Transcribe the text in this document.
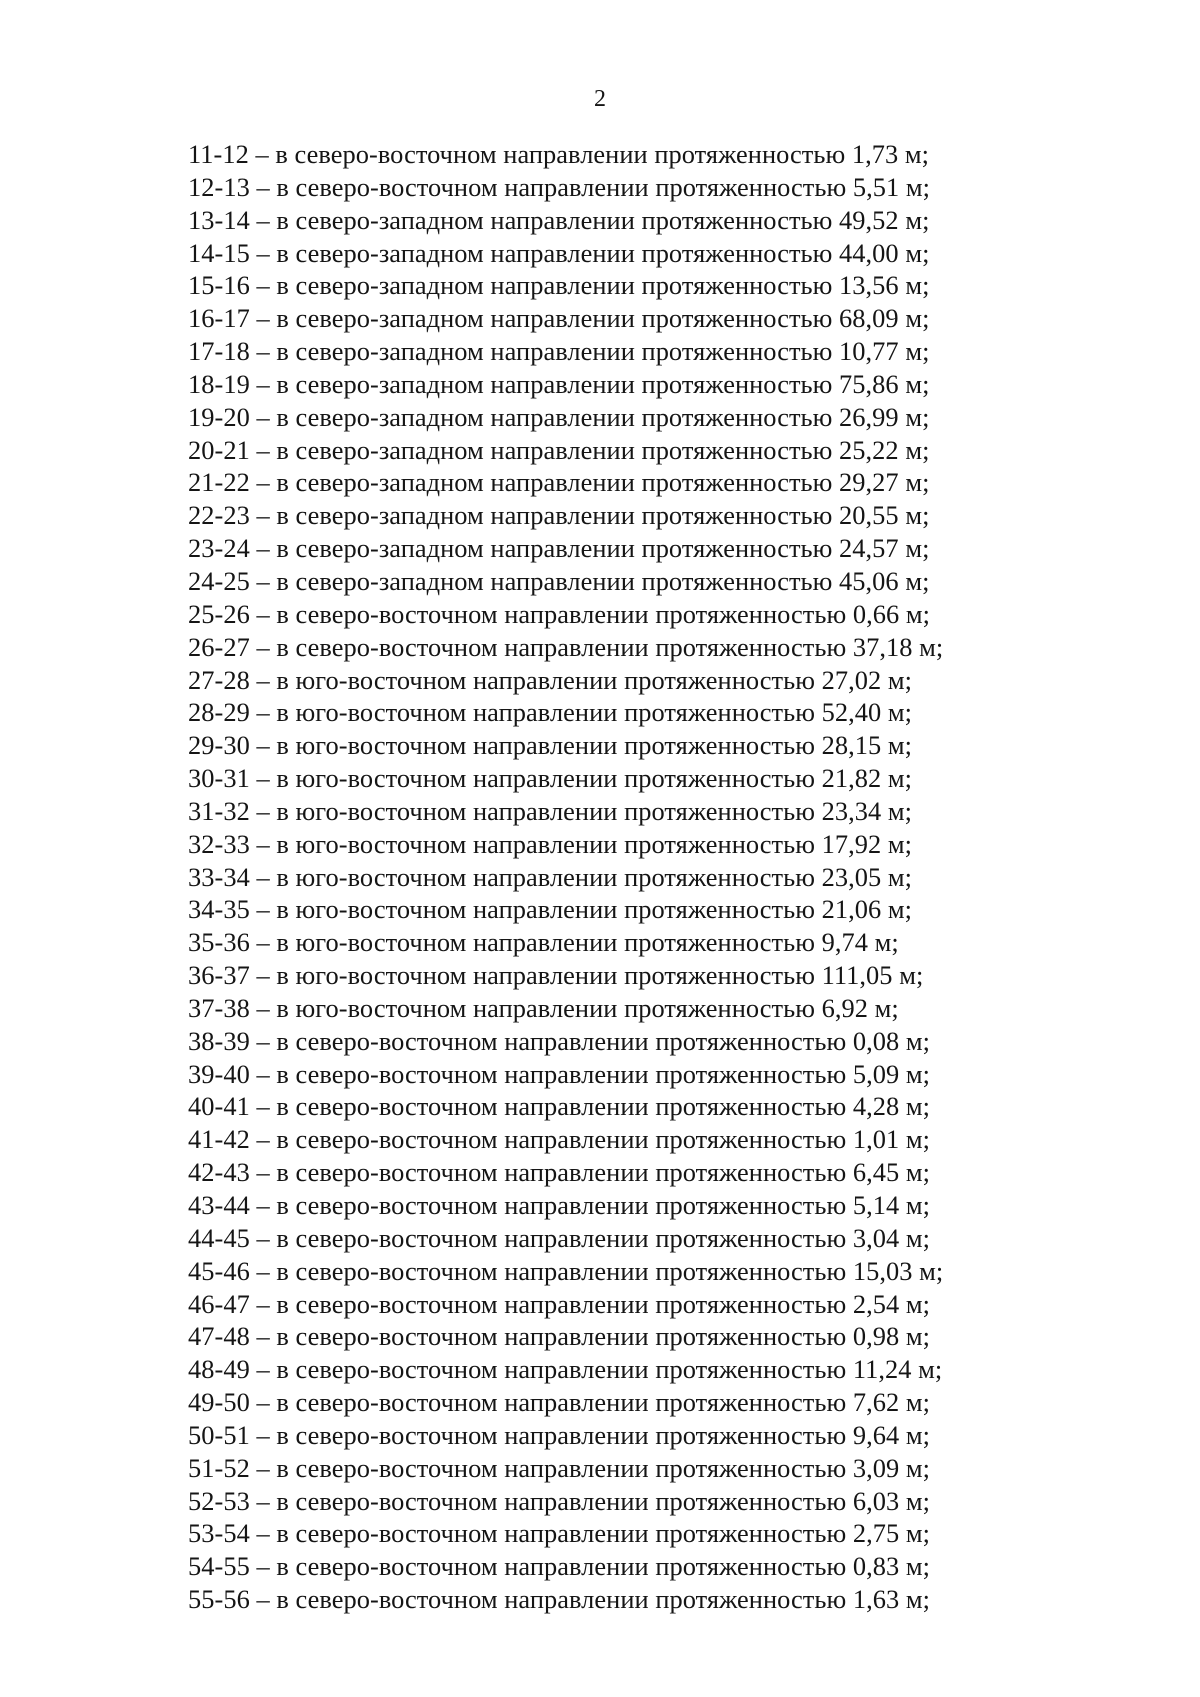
2
11-12 – в северо-восточном направлении протяженностью 1,73 м;
12-13 – в северо-восточном направлении протяженностью 5,51 м;
13-14 – в северо-западном направлении протяженностью 49,52 м;
14-15 – в северо-западном направлении протяженностью 44,00 м;
15-16 – в северо-западном направлении протяженностью 13,56 м;
16-17 – в северо-западном направлении протяженностью 68,09 м;
17-18 – в северо-западном направлении протяженностью 10,77 м;
18-19 – в северо-западном направлении протяженностью 75,86 м;
19-20 – в северо-западном направлении протяженностью 26,99 м;
20-21 – в северо-западном направлении протяженностью 25,22 м;
21-22 – в северо-западном направлении протяженностью 29,27 м;
22-23 – в северо-западном направлении протяженностью 20,55 м;
23-24 – в северо-западном направлении протяженностью 24,57 м;
24-25 – в северо-западном направлении протяженностью 45,06 м;
25-26 – в северо-восточном направлении протяженностью 0,66 м;
26-27 – в северо-восточном направлении протяженностью 37,18 м;
27-28 – в юго-восточном направлении протяженностью 27,02 м;
28-29 – в юго-восточном направлении протяженностью 52,40 м;
29-30 – в юго-восточном направлении протяженностью 28,15 м;
30-31 – в юго-восточном направлении протяженностью 21,82 м;
31-32 – в юго-восточном направлении протяженностью 23,34 м;
32-33 – в юго-восточном направлении протяженностью 17,92 м;
33-34 – в юго-восточном направлении протяженностью 23,05 м;
34-35 – в юго-восточном направлении протяженностью 21,06 м;
35-36 – в юго-восточном направлении протяженностью 9,74 м;
36-37 – в юго-восточном направлении протяженностью 111,05 м;
37-38 – в юго-восточном направлении протяженностью 6,92 м;
38-39 – в северо-восточном направлении протяженностью 0,08 м;
39-40 – в северо-восточном направлении протяженностью 5,09 м;
40-41 – в северо-восточном направлении протяженностью 4,28 м;
41-42 – в северо-восточном направлении протяженностью 1,01 м;
42-43 – в северо-восточном направлении протяженностью 6,45 м;
43-44 – в северо-восточном направлении протяженностью 5,14 м;
44-45 – в северо-восточном направлении протяженностью 3,04 м;
45-46 – в северо-восточном направлении протяженностью 15,03 м;
46-47 – в северо-восточном направлении протяженностью 2,54 м;
47-48 – в северо-восточном направлении протяженностью 0,98 м;
48-49 – в северо-восточном направлении протяженностью 11,24 м;
49-50 – в северо-восточном направлении протяженностью 7,62 м;
50-51 – в северо-восточном направлении протяженностью 9,64 м;
51-52 – в северо-восточном направлении протяженностью 3,09 м;
52-53 – в северо-восточном направлении протяженностью 6,03 м;
53-54 – в северо-восточном направлении протяженностью 2,75 м;
54-55 – в северо-восточном направлении протяженностью 0,83 м;
55-56 – в северо-восточном направлении протяженностью 1,63 м;
